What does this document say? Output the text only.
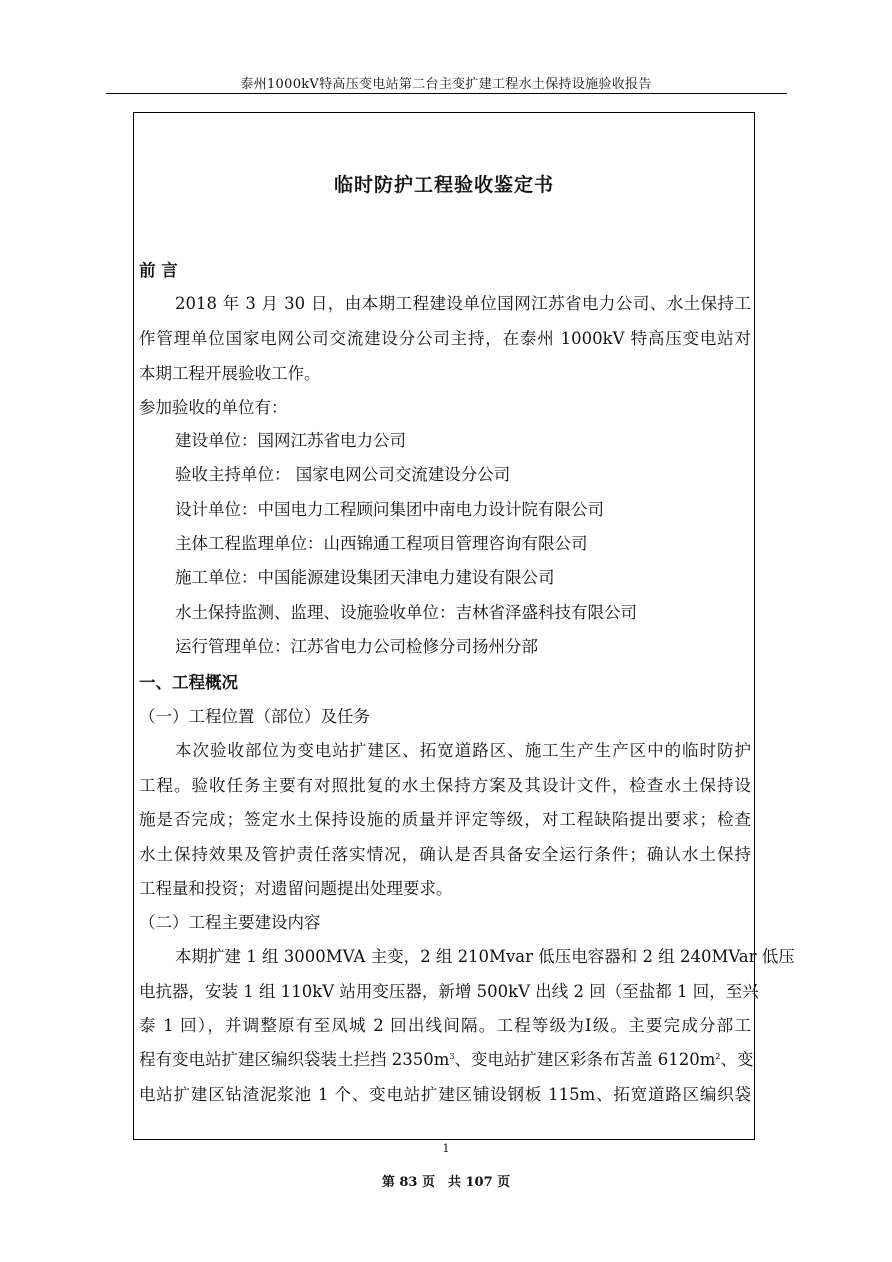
泰州1000kV特高压变电站第二台主变扩建工程水土保持设施验收报告
临时防护工程验收鉴定书
前 言
2018 年 3 月 30 日，由本期工程建设单位国网江苏省电力公司、水土保持工
作管理单位国家电网公司交流建设分公司主持，在泰州 1000kV 特高压变电站对
本期工程开展验收工作。
参加验收的单位有：
建设单位：国网江苏省电力公司
验收主持单位： 国家电网公司交流建设分公司
设计单位：中国电力工程顾问集团中南电力设计院有限公司
主体工程监理单位：山西锦通工程项目管理咨询有限公司
施工单位：中国能源建设集团天津电力建设有限公司
水土保持监测、监理、设施验收单位：吉林省泽盛科技有限公司
运行管理单位：江苏省电力公司检修分司扬州分部
一、工程概况
（一）工程位置（部位）及任务
本次验收部位为变电站扩建区、拓宽道路区、施工生产生产区中的临时防护
工程。验收任务主要有对照批复的水土保持方案及其设计文件，检查水土保持设
施是否完成；签定水土保持设施的质量并评定等级，对工程缺陷提出要求；检查
水土保持效果及管护责任落实情况，确认是否具备安全运行条件；确认水土保持
工程量和投资；对遗留问题提出处理要求。
（二）工程主要建设内容
本期扩建 1 组 3000MVA 主变，2 组 210Mvar 低压电容器和 2 组 240MVar 低压
电抗器，安装 1 组 110kV 站用变压器，新增 500kV 出线 2 回（至盐都 1 回，至兴
泰 1 回），并调整原有至凤城 2 回出线间隔。工程等级为Ⅰ级。主要完成分部工
程有变电站扩建区编织袋装土拦挡 $2350m^3$、变电站扩建区彩条布苫盖 $6120m^2$、变
电站扩建区钻渣泥浆池 1 个、变电站扩建区铺设钢板 115m、拓宽道路区编织袋
1
第 83 页　共 107 页
